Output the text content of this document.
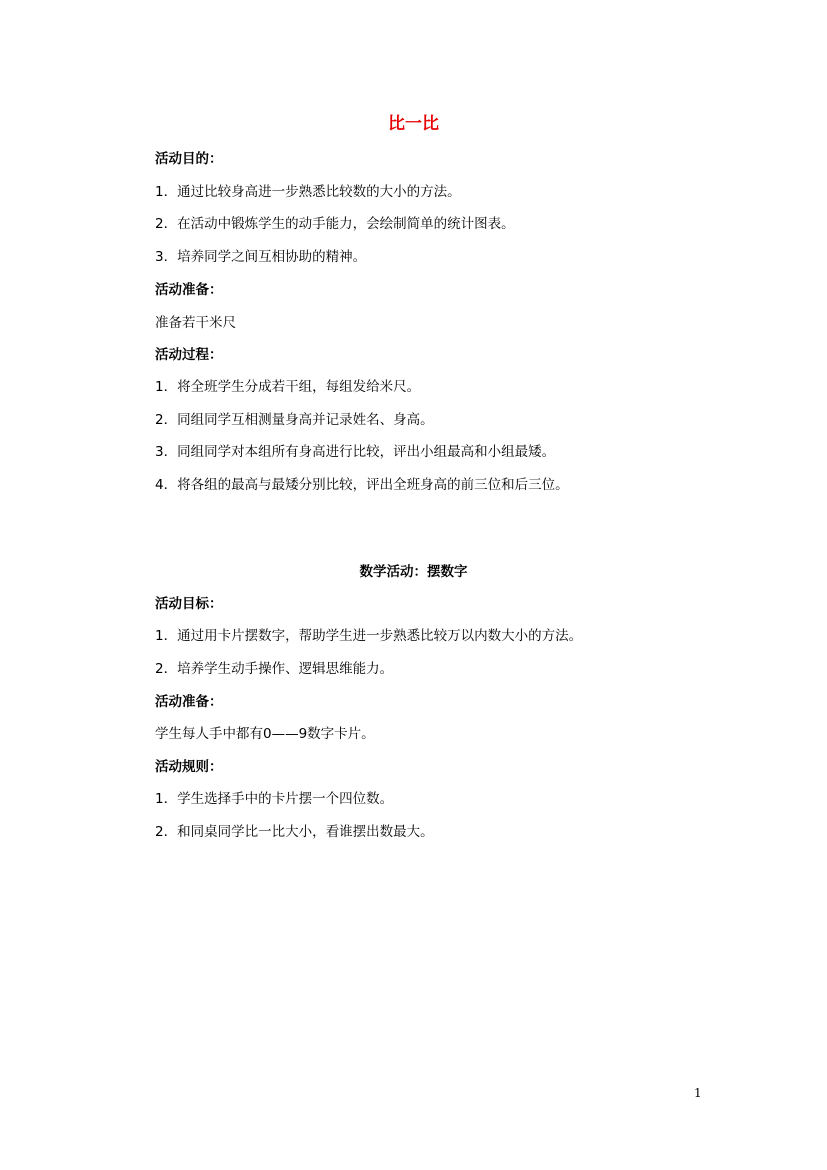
比一比
活动目的：
1．通过比较身高进一步熟悉比较数的大小的方法。
2．在活动中锻炼学生的动手能力，会绘制简单的统计图表。
3．培养同学之间互相协助的精神。
活动准备：
准备若干米尺
活动过程：
1．将全班学生分成若干组，每组发给米尺。
2．同组同学互相测量身高并记录姓名、身高。
3．同组同学对本组所有身高进行比较，评出小组最高和小组最矮。
4．将各组的最高与最矮分别比较，评出全班身高的前三位和后三位。
数学活动：摆数字
活动目标：
1．通过用卡片摆数字，帮助学生进一步熟悉比较万以内数大小的方法。
2．培养学生动手操作、逻辑思维能力。
活动准备：
学生每人手中都有0——9数字卡片。
活动规则：
1．学生选择手中的卡片摆一个四位数。
2．和同桌同学比一比大小，看谁摆出数最大。
1
